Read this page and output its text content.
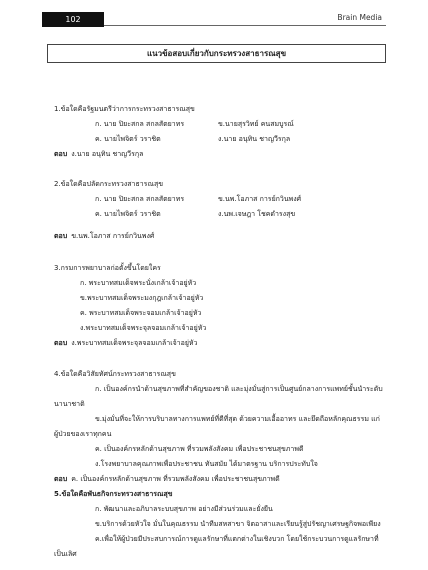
102	Brain Media
แนวข้อสอบเกี่ยวกับกระทรวงสาธารณสุข
1.ข้อใดคือรัฐมนตรีว่าการกระทรวงสาธารณสุข
ก. นาย ปิยะสกล สกลสัตยาทร	ข.นายสุรวิทย์ คนสมบูรณ์
ค. นายไพจิตร์ วราชิต	ง.นาย อนุทิน ชาญวีรกุล
ตอบ ง.นาย อนุทิน ชาญวีรกุล
2.ข้อใดคือปลัดกระทรวงสาธารณสุข
ก. นาย ปิยะสกล สกลสัตยาทร	ข.นพ.โอภาส การย์กวินพงศ์
ค. นายไพจิตร์ วราชิต	ง.นพ.เจษฎา โชคดำรงสุข
ตอบ ข.นพ.โอภาส การย์กวินพงศ์
3.กรมการพยาบาลก่อตั้งขึ้นโดยใคร
ก. พระบาทสมเด็จพระนั่งเกล้าเจ้าอยู่หัว
ข.พระบาทสมเด็จพระมงกุฎเกล้าเจ้าอยู่หัว
ค. พระบาทสมเด็จพระจอมเกล้าเจ้าอยู่หัว
ง.พระบาทสมเด็จพระจุลจอมเกล้าเจ้าอยู่หัว
ตอบ ง.พระบาทสมเด็จพระจุลจอมเกล้าเจ้าอยู่หัว
4.ข้อใดคือวิสัยทัศน์กระทรวงสาธารณสุข
ก. เป็นองค์กรนำด้านสุขภาพที่สำคัญของชาติ และมุ่งมั่นสู่การเป็นศูนย์กลางการแพทย์ชั้นนำระดับ
นานาชาติ
ข.มุ่งมั่นที่จะให้การบริบาลทางการแพทย์ที่ดีที่สุด ด้วยความเอื้ออาทร และยึดถือหลักคุณธรรม แก่
ผู้ป่วยของเราทุกคน
ค. เป็นองค์กรหลักด้านสุขภาพ ที่รวมพลังสังคม เพื่อประชาชนสุขภาพดี
ง.โรงพยาบาลคุณภาพเพื่อประชาชน ทันสมัย ได้มาตรฐาน บริการประทับใจ
ตอบ ค. เป็นองค์กรหลักด้านสุขภาพ ที่รวมพลังสังคม เพื่อประชาชนสุขภาพดี
5.ข้อใดคือพันธกิจกระทรวงสาธารณสุข
ก. พัฒนาและอภิบาลระบบสุขภาพ อย่างมีส่วนร่วมและยั่งยืน
ข.บริการด้วยหัวใจ มั่นในคุณธรรม นำทีมสหสาขา จิตอาสาและเรียนรู้สู่ปรัชญาเศรษฐกิจพอเพียง
ค.เพื่อให้ผู้ป่วยมีประสบการณ์การดูแลรักษาที่แตกต่างในเชิงบวก โดยใช้กระบวนการดูแลรักษาที่
เป็นเลิศ
